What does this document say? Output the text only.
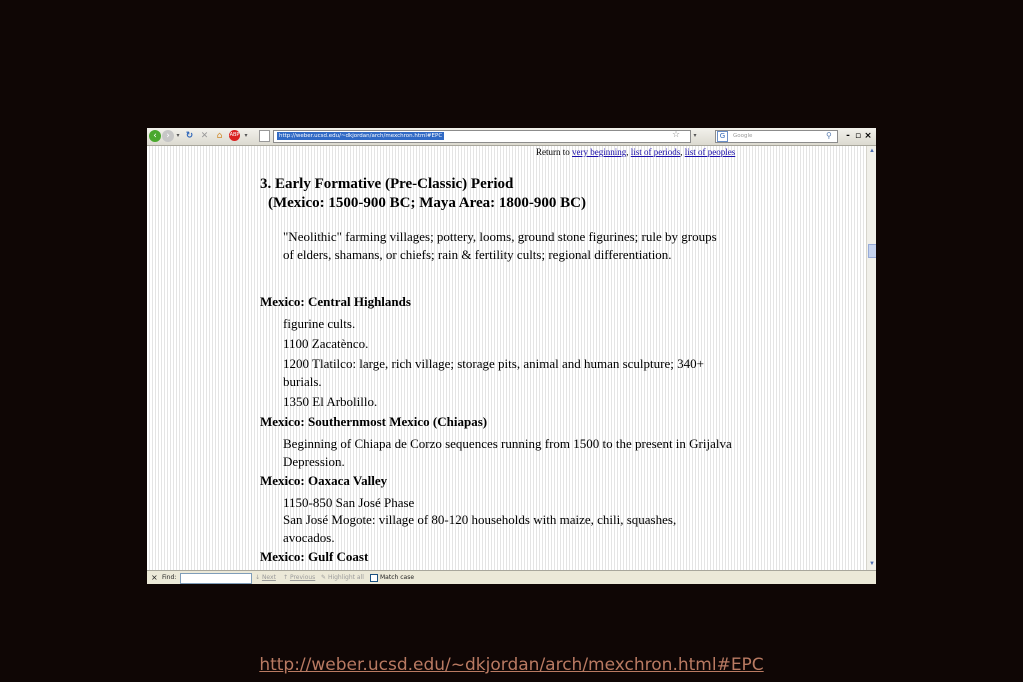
‹	›	▾ ↻ ✕ ⌂	ABP ▾	http://weber.ucsd.edu/~dkjordan/arch/mexchron.html#EPC	☆ ▾	G	Google	⚲ - ▫ ×
Return to very beginning, list of periods, list of peoples
3. Early Formative (Pre-Classic) Period
(Mexico: 1500-900 BC; Maya Area: 1800-900 BC)
"Neolithic" farming villages; pottery, looms, ground stone figurines; rule by groups of elders, shamans, or chiefs; rain & fertility cults; regional differentiation.
Mexico: Central Highlands
figurine cults.
1100 Zacatènco.
1200 Tlatilco: large, rich village; storage pits, animal and human sculpture; 340+ burials.
1350 El Arbolillo.
Mexico: Southernmost Mexico (Chiapas)
Beginning of Chiapa de Corzo sequences running from 1500 to the present in Grijalva Depression.
Mexico: Oaxaca Valley
1150-850 San José Phase
San José Mogote: village of 80-120 households with maize, chili, squashes, avocados.
Mexico: Gulf Coast
▲
▼
× Find:	↓ Next ↑ Previous ✎ Highlight all	Match case
http://weber.ucsd.edu/~dkjordan/arch/mexchron.html#EPC
